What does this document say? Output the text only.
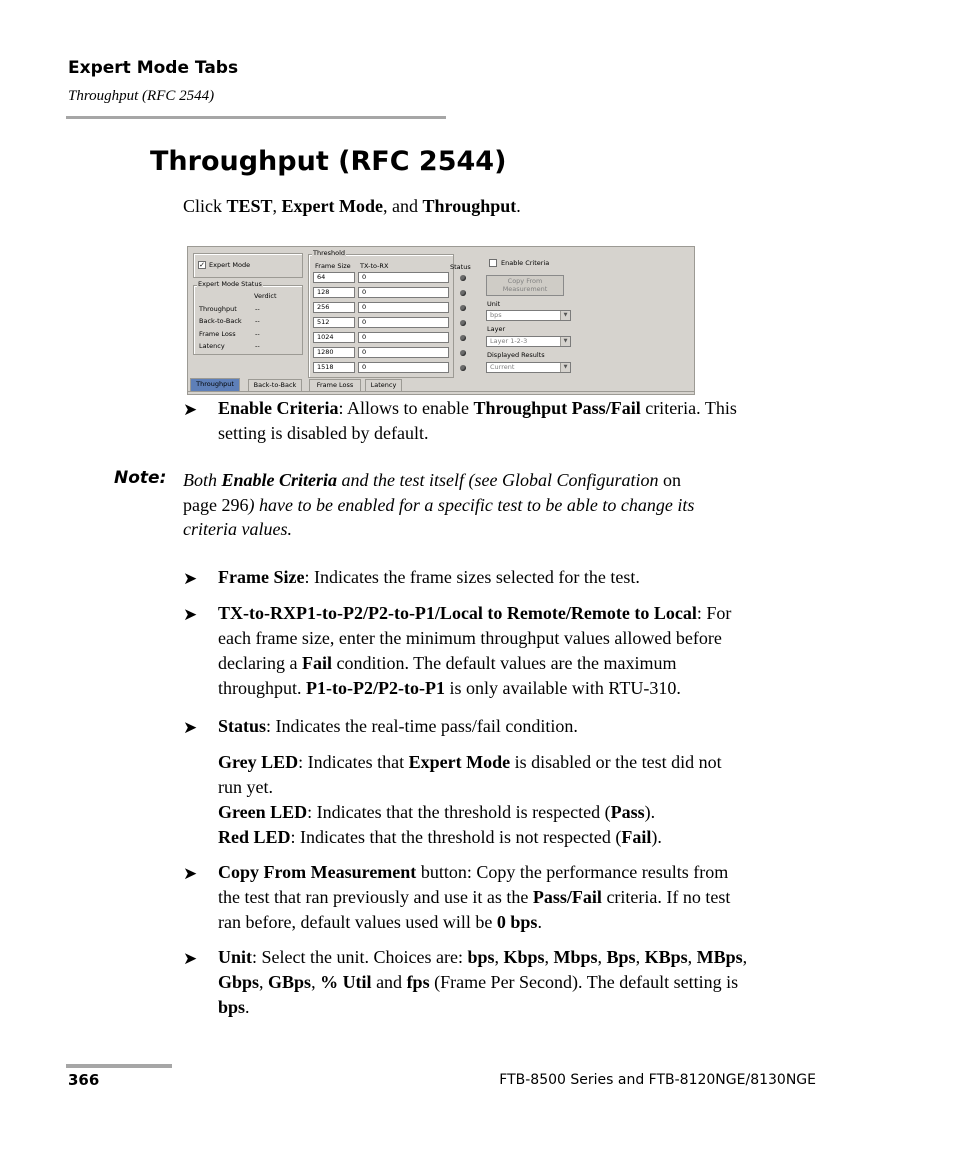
Expert Mode Tabs
Throughput (RFC 2544)
Throughput (RFC 2544)
Click TEST, Expert Mode, and Throughput.
✓ Expert Mode
Expert Mode Status
Verdict
Throughput	--
Back-to-Back --
Frame Loss	--
Latency	--
Threshold
Frame Size TX-to-RX	Status
64	0
128	0
256	0
512	0
1024	0
1280	0
1518	0
Enable Criteria
Copy From
Measurement
Unit
bps	▼
Layer
Layer 1-2-3	▼
Displayed Results
Current	▼
Throughput	Back-to-Back	Frame Loss	Latency
➤ Enable Criteria: Allows to enable Throughput Pass/Fail criteria. This
setting is disabled by default.
Note: Both Enable Criteria and the test itself (see Global Configuration on
page 296) have to be enabled for a specific test to be able to change its
criteria values.
➤ Frame Size: Indicates the frame sizes selected for the test.
➤ TX-to-RXP1-to-P2/P2-to-P1/Local to Remote/Remote to Local: For
each frame size, enter the minimum throughput values allowed before
declaring a Fail condition. The default values are the maximum
throughput. P1-to-P2/P2-to-P1 is only available with RTU-310.
➤ Status: Indicates the real-time pass/fail condition.
Grey LED: Indicates that Expert Mode is disabled or the test did not
run yet.
Green LED: Indicates that the threshold is respected (Pass).
Red LED: Indicates that the threshold is not respected (Fail).
➤ Copy From Measurement button: Copy the performance results from
the test that ran previously and use it as the Pass/Fail criteria. If no test
ran before, default values used will be 0 bps.
➤ Unit: Select the unit. Choices are: bps, Kbps, Mbps, Bps, KBps, MBps,
Gbps, GBps, % Util and fps (Frame Per Second). The default setting is
bps.
366	FTB-8500 Series and FTB-8120NGE/8130NGE
